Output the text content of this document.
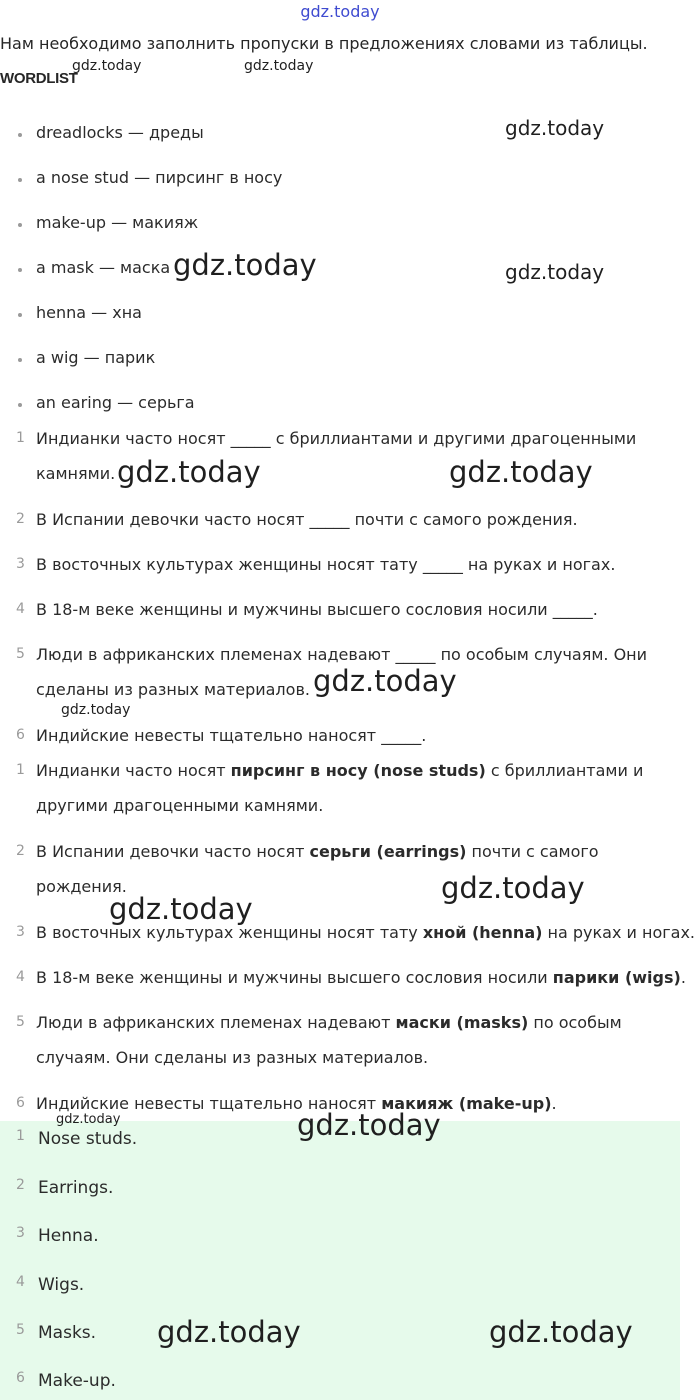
gdz.today
Нам необходимо заполнить пропуски в предложениях словами из таблицы.
WORDLIST
dreadlocks — дреды
a nose stud — пирсинг в носу
make-up — макияж
a mask — маска
henna — хна
a wig — парик
an earing — серьга
1 Индианки часто носят _____ с бриллиантами и другими драгоценными
камнями.
2 В Испании девочки часто носят _____ почти с самого рождения.
3 В восточных культурах женщины носят тату _____ на руках и ногах.
4 В 18-м веке женщины и мужчины высшего сословия носили _____.
5 Люди в африканских племенах надевают _____ по особым случаям. Они
сделаны из разных материалов.
6 Индийские невесты тщательно наносят _____.
1 Индианки часто носят пирсинг в носу (nose studs) с бриллиантами и
другими драгоценными камнями.
2 В Испании девочки часто носят серьги (earrings) почти с самого
рождения.
3 В восточных культурах женщины носят тату хной (henna) на руках и ногах.
4 В 18-м веке женщины и мужчины высшего сословия носили парики (wigs).
5 Люди в африканских племенах надевают маски (masks) по особым
случаям. Они сделаны из разных материалов.
6 Индийские невесты тщательно наносят макияж (make-up).
1 Nose studs.
2 Earrings.
3 Henna.
4 Wigs.
5 Masks.
6 Make-up.
gdz.today	gdz.today
gdz.today
gdz.today	gdz.today
gdz.today	gdz.today
gdz.today
gdz.today
gdz.today
gdz.today
gdz.today	gdz.today
gdz.today	gdz.today
